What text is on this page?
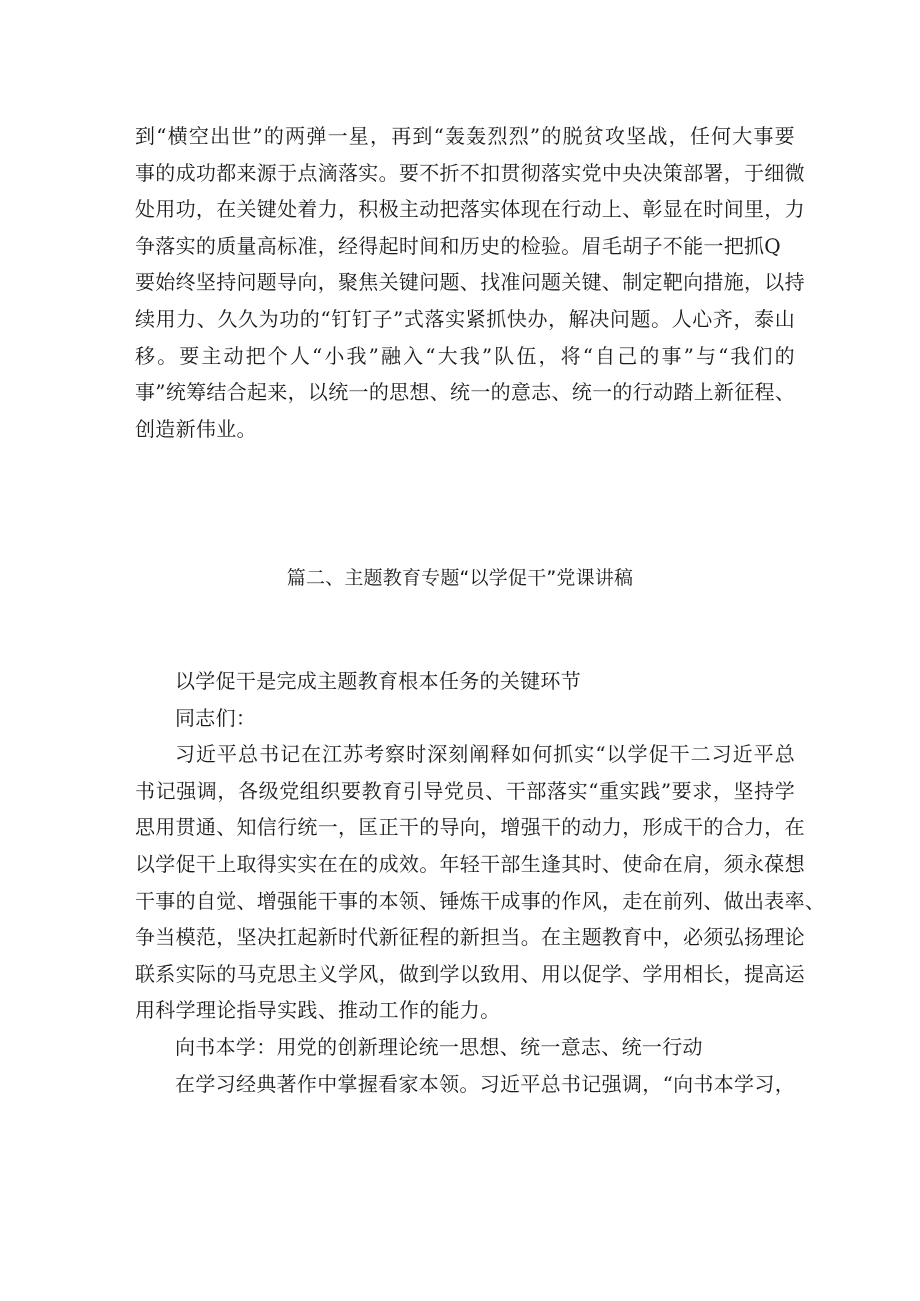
到“横空出世”的两弹一星，再到“轰轰烈烈”的脱贫攻坚战，任何大事要
事的成功都来源于点滴落实。要不折不扣贯彻落实党中央决策部署，于细微
处用功，在关键处着力，积极主动把落实体现在行动上、彰显在时间里，力
争落实的质量高标准，经得起时间和历史的检验。眉毛胡子不能一把抓Q
要始终坚持问题导向，聚焦关键问题、找准问题关键、制定靶向措施，以持
续用力、久久为功的“钉钉子”式落实紧抓快办，解决问题。人心齐，泰山
移。要主动把个人“小我”融入“大我”队伍，将“自己的事”与“我们的
事”统筹结合起来，以统一的思想、统一的意志、统一的行动踏上新征程、
创造新伟业。
篇二、主题教育专题“以学促干”党课讲稿
以学促干是完成主题教育根本任务的关键环节
同志们：
习近平总书记在江苏考察时深刻阐释如何抓实“以学促干二习近平总
书记强调，各级党组织要教育引导党员、干部落实“重实践”要求，坚持学
思用贯通、知信行统一，匡正干的导向，增强干的动力，形成干的合力，在
以学促干上取得实实在在的成效。年轻干部生逢其时、使命在肩，须永葆想
干事的自觉、增强能干事的本领、锤炼干成事的作风，走在前列、做出表率、
争当模范，坚决扛起新时代新征程的新担当。在主题教育中，必须弘扬理论
联系实际的马克思主义学风，做到学以致用、用以促学、学用相长，提高运
用科学理论指导实践、推动工作的能力。
向书本学：用党的创新理论统一思想、统一意志、统一行动
在学习经典著作中掌握看家本领。习近平总书记强调，“向书本学习，
